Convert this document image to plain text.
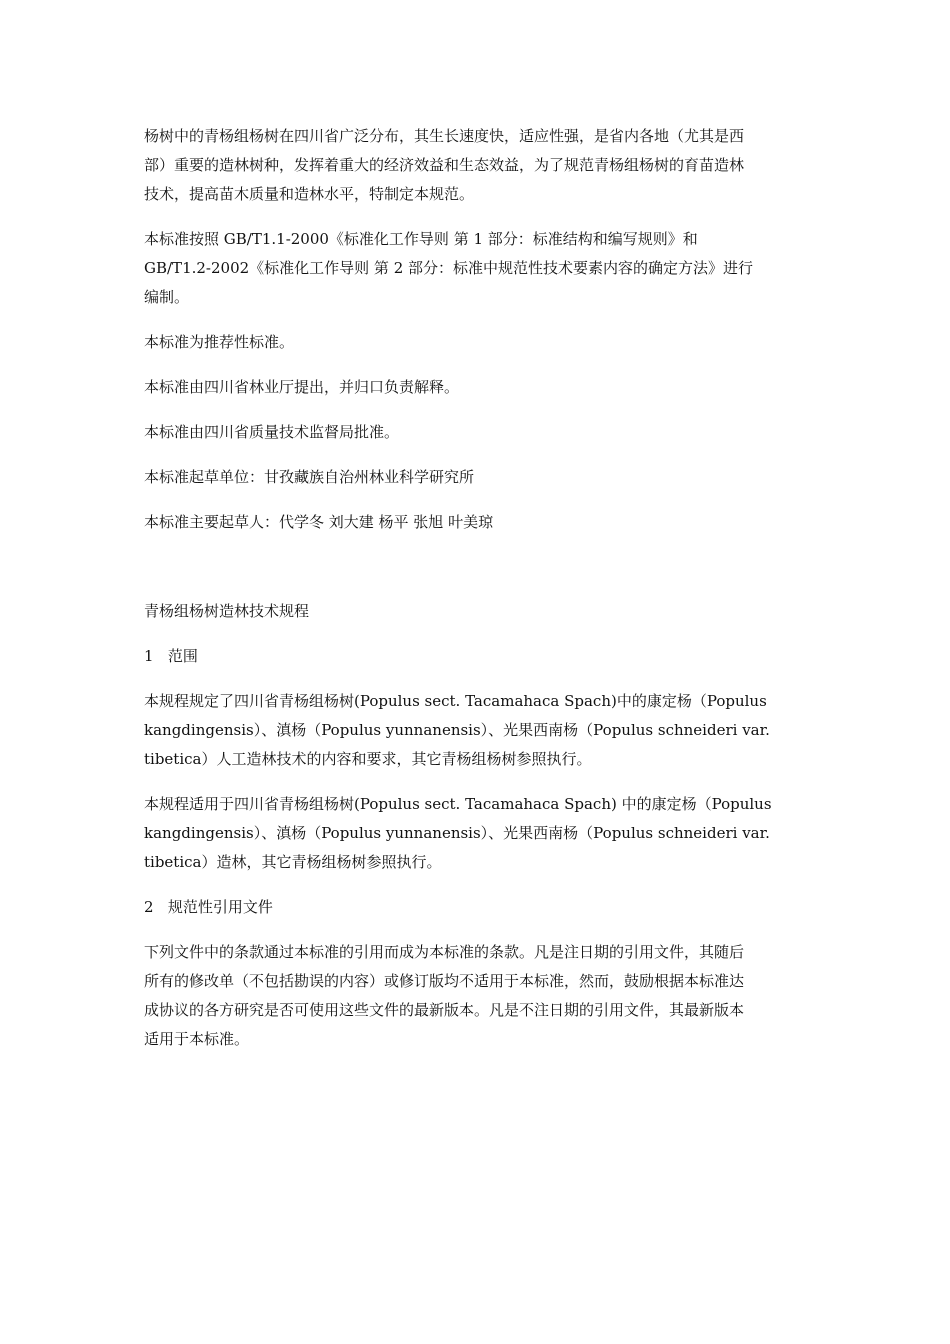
杨树中的青杨组杨树在四川省广泛分布，其生长速度快，适应性强，是省内各地（尤其是西
部）重要的造林树种，发挥着重大的经济效益和生态效益，为了规范青杨组杨树的育苗造林
技术，提高苗木质量和造林水平，特制定本规范。
本标准按照 GB/T1.1-2000《标准化工作导则 第 1 部分：标准结构和编写规则》和
GB/T1.2-2002《标准化工作导则 第 2 部分：标准中规范性技术要素内容的确定方法》进行
编制。
本标准为推荐性标准。
本标准由四川省林业厅提出，并归口负责解释。
本标准由四川省质量技术监督局批准。
本标准起草单位：甘孜藏族自治州林业科学研究所
本标准主要起草人：代学冬 刘大建 杨平 张旭 叶美琼
青杨组杨树造林技术规程
1   范围
本规程规定了四川省青杨组杨树(Populus sect. Tacamahaca Spach)中的康定杨（Populus
kangdingensis）、滇杨（Populus yunnanensis）、光果西南杨（Populus schneideri var.
tibetica）人工造林技术的内容和要求，其它青杨组杨树参照执行。
本规程适用于四川省青杨组杨树(Populus sect. Tacamahaca Spach) 中的康定杨（Populus
kangdingensis）、滇杨（Populus yunnanensis）、光果西南杨（Populus schneideri var.
tibetica）造林，其它青杨组杨树参照执行。
2   规范性引用文件
下列文件中的条款通过本标准的引用而成为本标准的条款。凡是注日期的引用文件，其随后
所有的修改单（不包括勘误的内容）或修订版均不适用于本标准，然而，鼓励根据本标准达
成协议的各方研究是否可使用这些文件的最新版本。凡是不注日期的引用文件，其最新版本
适用于本标准。
